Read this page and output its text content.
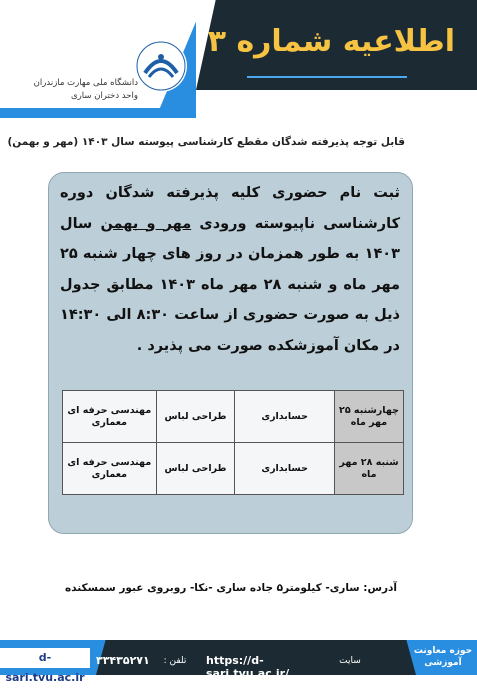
اطلاعیه شماره ۳
دانشگاه ملی مهارت مازندران
واحد دختران ساری
قابل توجه پذیرفته شدگان مقطع کارشناسی پیوسته سال ۱۴۰۳ (مهر و بهمن)
ثبت نام حضوری کلیه پذیرفته شدگان دوره کارشناسی ناپیوسته ورودی مهر و بهمن سال ۱۴۰۳ به طور همزمان در روز های چهار شنبه ۲۵ مهر ماه و شنبه ۲۸ مهر ماه ۱۴۰۳ مطابق جدول ذیل به صورت حضوری از ساعت ۸:۳۰ الی ۱۴:۳۰ در مکان آموزشکده صورت می پذیرد .
چهارشنبه ۲۵ مهر ماه	حسابداری	طراحی لباس	مهندسی حرفه ای معماری
شنبه ۲۸ مهر ماه	حسابداری	طراحی لباس	مهندسی حرفه ای معماری
آدرس: ساری- کیلومتر۵ جاده ساری -نکا- روبروی عبور سمسکنده
حوزه معاونت آموزشی
سایت
https://d-sari.tvu.ac.ir/
تلفن :
۳۳۴۳۵۲۷۱
d-sari.tvu.ac.ir
